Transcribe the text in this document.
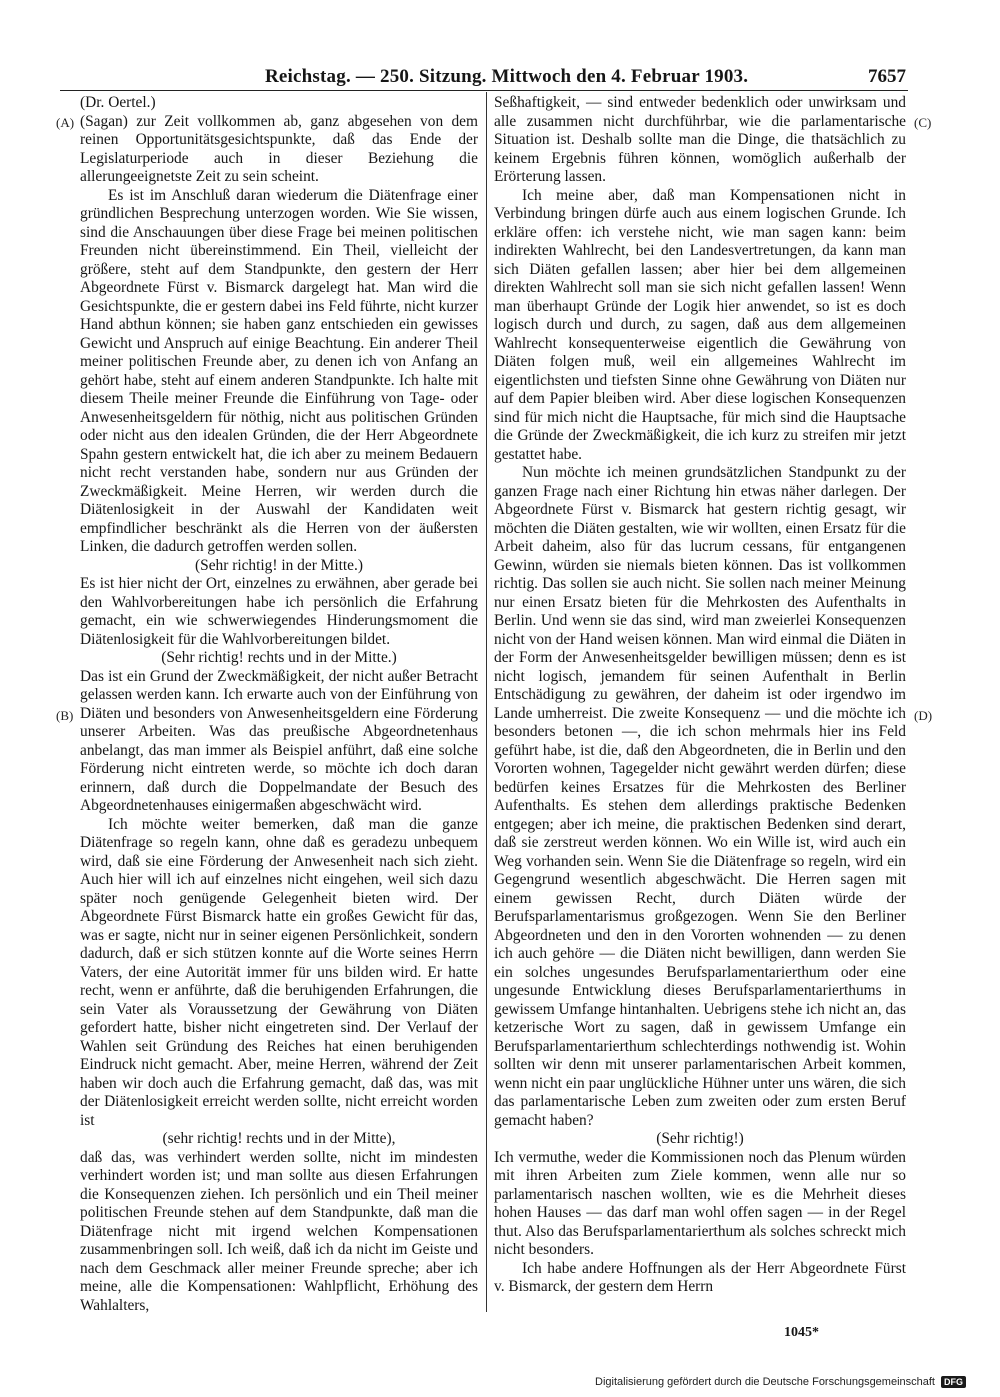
Reichstag. — 250. Sitzung. Mittwoch den 4. Februar 1903.	7657
(A)
(B)
(C)
(D)

(Dr. Oertel.)

(Sagan) zur Zeit vollkommen ab, ganz abgesehen von dem reinen Opportunitätsgesichtspunkte, daß das Ende der Legislaturperiode auch in dieser Beziehung die allerungeeignetste Zeit zu sein scheint.

Es ist im Anschluß daran wiederum die Diätenfrage einer gründlichen Besprechung unterzogen worden. Wie Sie wissen, sind die Anschauungen über diese Frage bei meinen politischen Freunden nicht übereinstimmend. Ein Theil, vielleicht der größere, steht auf dem Standpunkte, den gestern der Herr Abgeordnete Fürst v. Bismarck dargelegt hat. Man wird die Gesichtspunkte, die er gestern dabei ins Feld führte, nicht kurzer Hand abthun können; sie haben ganz entschieden ein gewisses Gewicht und Anspruch auf einige Beachtung. Ein anderer Theil meiner politischen Freunde aber, zu denen ich von Anfang an gehört habe, steht auf einem anderen Standpunkte. Ich halte mit diesem Theile meiner Freunde die Einführung von Tage- oder Anwesenheitsgeldern für nöthig, nicht aus politischen Gründen oder nicht aus den idealen Gründen, die der Herr Abgeordnete Spahn gestern entwickelt hat, die ich aber zu meinem Bedauern nicht recht verstanden habe, sondern nur aus Gründen der Zweckmäßigkeit. Meine Herren, wir werden durch die Diätenlosigkeit in der Auswahl der Kandidaten weit empfindlicher beschränkt als die Herren von der äußersten Linken, die dadurch getroffen werden sollen.

(Sehr richtig! in der Mitte.)

Es ist hier nicht der Ort, einzelnes zu erwähnen, aber gerade bei den Wahlvorbereitungen habe ich persönlich die Erfahrung gemacht, ein wie schwerwiegendes Hinderungsmoment die Diätenlosigkeit für die Wahlvorbereitungen bildet.

(Sehr richtig! rechts und in der Mitte.)

Das ist ein Grund der Zweckmäßigkeit, der nicht außer Betracht gelassen werden kann. Ich erwarte auch von der Einführung von Diäten und besonders von Anwesenheitsgeldern eine Förderung unserer Arbeiten. Was das preußische Abgeordnetenhaus anbelangt, das man immer als Beispiel anführt, daß eine solche Förderung nicht eintreten werde, so möchte ich doch daran erinnern, daß durch die Doppelmandate der Besuch des Abgeordnetenhauses einigermaßen abgeschwächt wird.

Ich möchte weiter bemerken, daß man die ganze Diätenfrage so regeln kann, ohne daß es geradezu unbequem wird, daß sie eine Förderung der Anwesenheit nach sich zieht. Auch hier will ich auf einzelnes nicht eingehen, weil sich dazu später noch genügende Gelegenheit bieten wird. Der Abgeordnete Fürst Bismarck hatte ein großes Gewicht für das, was er sagte, nicht nur in seiner eigenen Persönlichkeit, sondern dadurch, daß er sich stützen konnte auf die Worte seines Herrn Vaters, der eine Autorität immer für uns bilden wird. Er hatte recht, wenn er anführte, daß die beruhigenden Erfahrungen, die sein Vater als Voraussetzung der Gewährung von Diäten gefordert hatte, bisher nicht eingetreten sind. Der Verlauf der Wahlen seit Gründung des Reiches hat einen beruhigenden Eindruck nicht gemacht. Aber, meine Herren, während der Zeit haben wir doch auch die Erfahrung gemacht, daß das, was mit der Diätenlosigkeit erreicht werden sollte, nicht erreicht worden ist

(sehr richtig! rechts und in der Mitte),

daß das, was verhindert werden sollte, nicht im mindesten verhindert worden ist; und man sollte aus diesen Erfahrungen die Konsequenzen ziehen. Ich persönlich und ein Theil meiner politischen Freunde stehen auf dem Standpunkte, daß man die Diätenfrage nicht mit irgend welchen Kompensationen zusammenbringen soll. Ich weiß, daß ich da nicht im Geiste und nach dem Geschmack aller meiner Freunde spreche; aber ich meine, alle die Kompensationen: Wahlpflicht, Erhöhung des Wahlalters,

Seßhaftigkeit, — sind entweder bedenklich oder unwirksam und alle zusammen nicht durchführbar, wie die parlamentarische Situation ist. Deshalb sollte man die Dinge, die thatsächlich zu keinem Ergebnis führen können, womöglich außerhalb der Erörterung lassen.

Ich meine aber, daß man Kompensationen nicht in Verbindung bringen dürfe auch aus einem logischen Grunde. Ich erkläre offen: ich verstehe nicht, wie man sagen kann: beim indirekten Wahlrecht, bei den Landesvertretungen, da kann man sich Diäten gefallen lassen; aber hier bei dem allgemeinen direkten Wahlrecht soll man sie sich nicht gefallen lassen! Wenn man überhaupt Gründe der Logik hier anwendet, so ist es doch logisch durch und durch, zu sagen, daß aus dem allgemeinen Wahlrecht konsequenterweise eigentlich die Gewährung von Diäten folgen muß, weil ein allgemeines Wahlrecht im eigentlichsten und tiefsten Sinne ohne Gewährung von Diäten nur auf dem Papier bleiben wird. Aber diese logischen Konsequenzen sind für mich nicht die Hauptsache, für mich sind die Hauptsache die Gründe der Zweckmäßigkeit, die ich kurz zu streifen mir jetzt gestattet habe.

Nun möchte ich meinen grundsätzlichen Standpunkt zu der ganzen Frage nach einer Richtung hin etwas näher darlegen. Der Abgeordnete Fürst v. Bismarck hat gestern richtig gesagt, wir möchten die Diäten gestalten, wie wir wollten, einen Ersatz für die Arbeit daheim, also für das lucrum cessans, für entgangenen Gewinn, würden sie niemals bieten können. Das ist vollkommen richtig. Das sollen sie auch nicht. Sie sollen nach meiner Meinung nur einen Ersatz bieten für die Mehrkosten des Aufenthalts in Berlin. Und wenn sie das sind, wird man zweierlei Konsequenzen nicht von der Hand weisen können. Man wird einmal die Diäten in der Form der Anwesenheitsgelder bewilligen müssen; denn es ist nicht logisch, jemandem für seinen Aufenthalt in Berlin Entschädigung zu gewähren, der daheim ist oder irgendwo im Lande umherreist. Die zweite Konsequenz — und die möchte ich besonders betonen —, die ich schon mehrmals hier ins Feld geführt habe, ist die, daß den Abgeordneten, die in Berlin und den Vororten wohnen, Tagegelder nicht gewährt werden dürfen; diese bedürfen keines Ersatzes für die Mehrkosten des Berliner Aufenthalts. Es stehen dem allerdings praktische Bedenken entgegen; aber ich meine, die praktischen Bedenken sind derart, daß sie zerstreut werden können. Wo ein Wille ist, wird auch ein Weg vorhanden sein. Wenn Sie die Diätenfrage so regeln, wird ein Gegengrund wesentlich abgeschwächt. Die Herren sagen mit einem gewissen Recht, durch Diäten würde der Berufsparlamentarismus großgezogen. Wenn Sie den Berliner Abgeordneten und den in den Vororten wohnenden — zu denen ich auch gehöre — die Diäten nicht bewilligen, dann werden Sie ein solches ungesundes Berufsparlamentarierthum oder eine ungesunde Entwicklung dieses Berufsparlamentarierthums in gewissem Umfange hintanhalten. Uebrigens stehe ich nicht an, das ketzerische Wort zu sagen, daß in gewissem Umfange ein Berufsparlamentarierthum schlechterdings nothwendig ist. Wohin sollten wir denn mit unserer parlamentarischen Arbeit kommen, wenn nicht ein paar unglückliche Hühner unter uns wären, die sich das parlamentarische Leben zum zweiten oder zum ersten Beruf gemacht haben?

(Sehr richtig!)

Ich vermuthe, weder die Kommissionen noch das Plenum würden mit ihren Arbeiten zum Ziele kommen, wenn alle nur so parlamentarisch naschen wollten, wie es die Mehrheit dieses hohen Hauses — das darf man wohl offen sagen — in der Regel thut. Also das Berufsparlamentarierthum als solches schreckt mich nicht besonders.

Ich habe andere Hoffnungen als der Herr Abgeordnete Fürst v. Bismarck, der gestern dem Herrn

1045*
Digitalisierung gefördert durch die Deutsche Forschungsgemeinschaft	DFG
